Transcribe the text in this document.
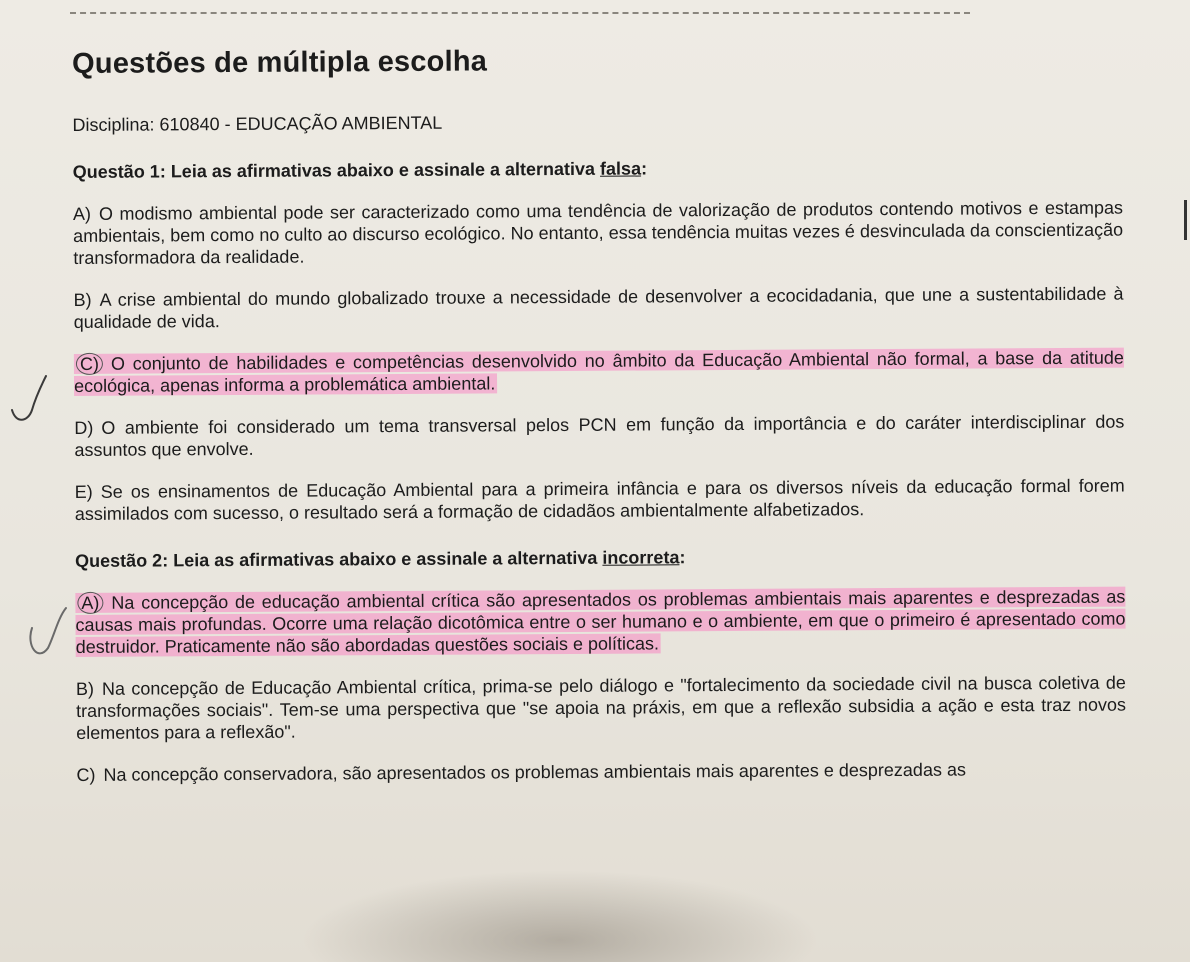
Questões de múltipla escolha
Disciplina: 610840 - EDUCAÇÃO AMBIENTAL
Questão 1: Leia as afirmativas abaixo e assinale a alternativa falsa:
A) O modismo ambiental pode ser caracterizado como uma tendência de valorização de produtos contendo motivos e estampas ambientais, bem como no culto ao discurso ecológico. No entanto, essa tendência muitas vezes é desvinculada da conscientização transformadora da realidade.
B) A crise ambiental do mundo globalizado trouxe a necessidade de desenvolver a ecocidadania, que une a sustentabilidade à qualidade de vida.
C) O conjunto de habilidades e competências desenvolvido no âmbito da Educação Ambiental não formal, a base da atitude ecológica, apenas informa a problemática ambiental.
D) O ambiente foi considerado um tema transversal pelos PCN em função da importância e do caráter interdisciplinar dos assuntos que envolve.
E) Se os ensinamentos de Educação Ambiental para a primeira infância e para os diversos níveis da educação formal forem assimilados com sucesso, o resultado será a formação de cidadãos ambientalmente alfabetizados.
Questão 2: Leia as afirmativas abaixo e assinale a alternativa incorreta:
A) Na concepção de educação ambiental crítica são apresentados os problemas ambientais mais aparentes e desprezadas as causas mais profundas. Ocorre uma relação dicotômica entre o ser humano e o ambiente, em que o primeiro é apresentado como destruidor. Praticamente não são abordadas questões sociais e políticas.
B) Na concepção de Educação Ambiental crítica, prima-se pelo diálogo e "fortalecimento da sociedade civil na busca coletiva de transformações sociais". Tem-se uma perspectiva que "se apoia na práxis, em que a reflexão subsidia a ação e esta traz novos elementos para a reflexão".
C) Na concepção conservadora, são apresentados os problemas ambientais mais aparentes e desprezadas as
